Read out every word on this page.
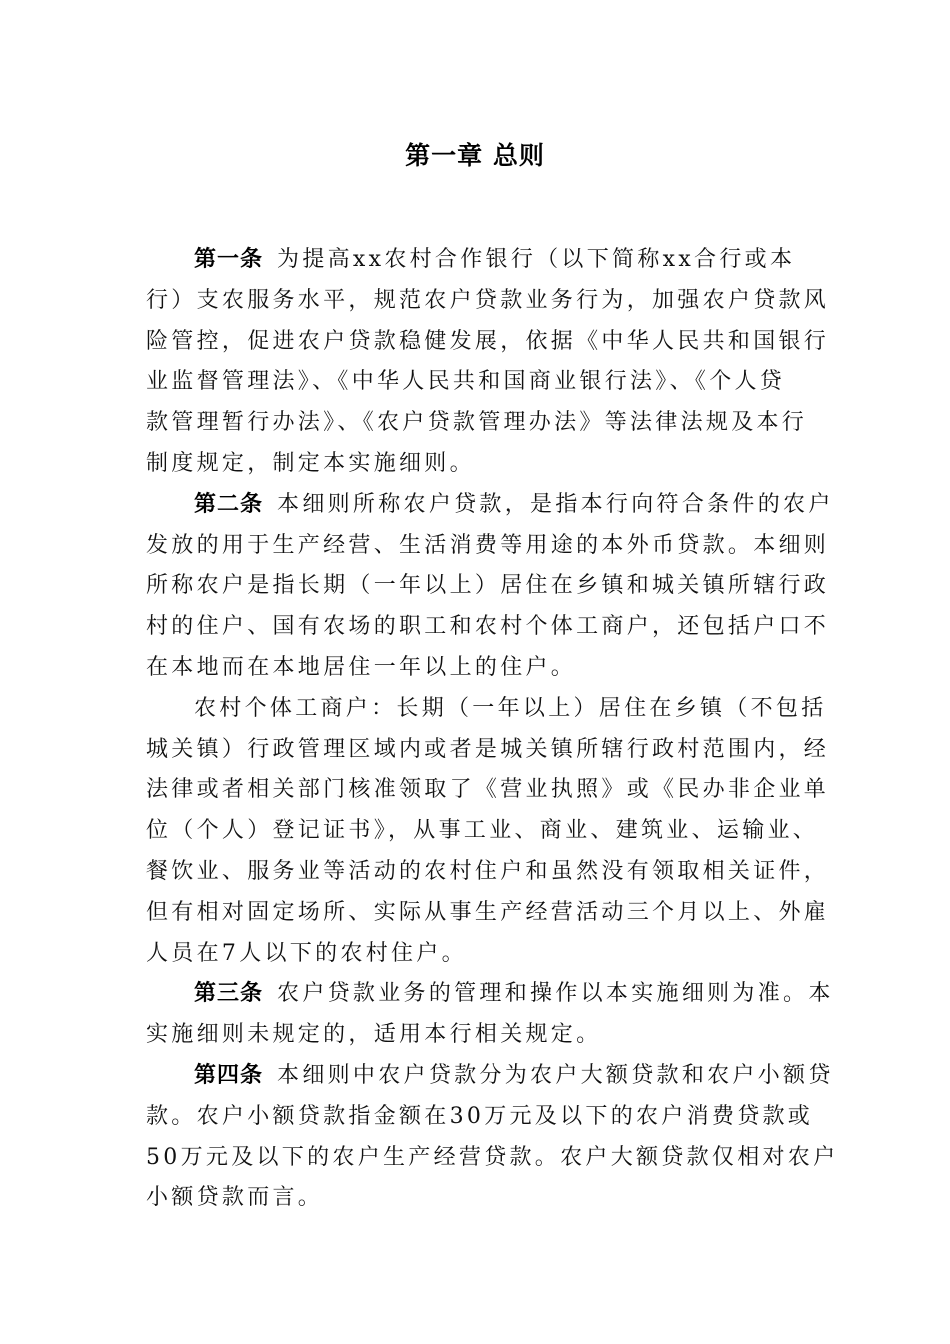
第一章 总则
第一条 为提高xx农村合作银行（以下简称xx合行或本
行）支农服务水平，规范农户贷款业务行为，加强农户贷款风
险管控，促进农户贷款稳健发展，依据《中华人民共和国银行
业监督管理法》、《中华人民共和国商业银行法》、《个人贷
款管理暂行办法》、《农户贷款管理办法》等法律法规及本行
制度规定，制定本实施细则。
第二条 本细则所称农户贷款，是指本行向符合条件的农户
发放的用于生产经营、生活消费等用途的本外币贷款。本细则
所称农户是指长期（一年以上）居住在乡镇和城关镇所辖行政
村的住户、国有农场的职工和农村个体工商户，还包括户口不
在本地而在本地居住一年以上的住户。
农村个体工商户：长期（一年以上）居住在乡镇（不包括
城关镇）行政管理区域内或者是城关镇所辖行政村范围内，经
法律或者相关部门核准领取了《营业执照》或《民办非企业单
位（个人）登记证书》，从事工业、商业、建筑业、运输业、
餐饮业、服务业等活动的农村住户和虽然没有领取相关证件，
但有相对固定场所、实际从事生产经营活动三个月以上、外雇
人员在7人以下的农村住户。
第三条 农户贷款业务的管理和操作以本实施细则为准。本
实施细则未规定的，适用本行相关规定。
第四条 本细则中农户贷款分为农户大额贷款和农户小额贷
款。农户小额贷款指金额在30万元及以下的农户消费贷款或
50万元及以下的农户生产经营贷款。农户大额贷款仅相对农户
小额贷款而言。
